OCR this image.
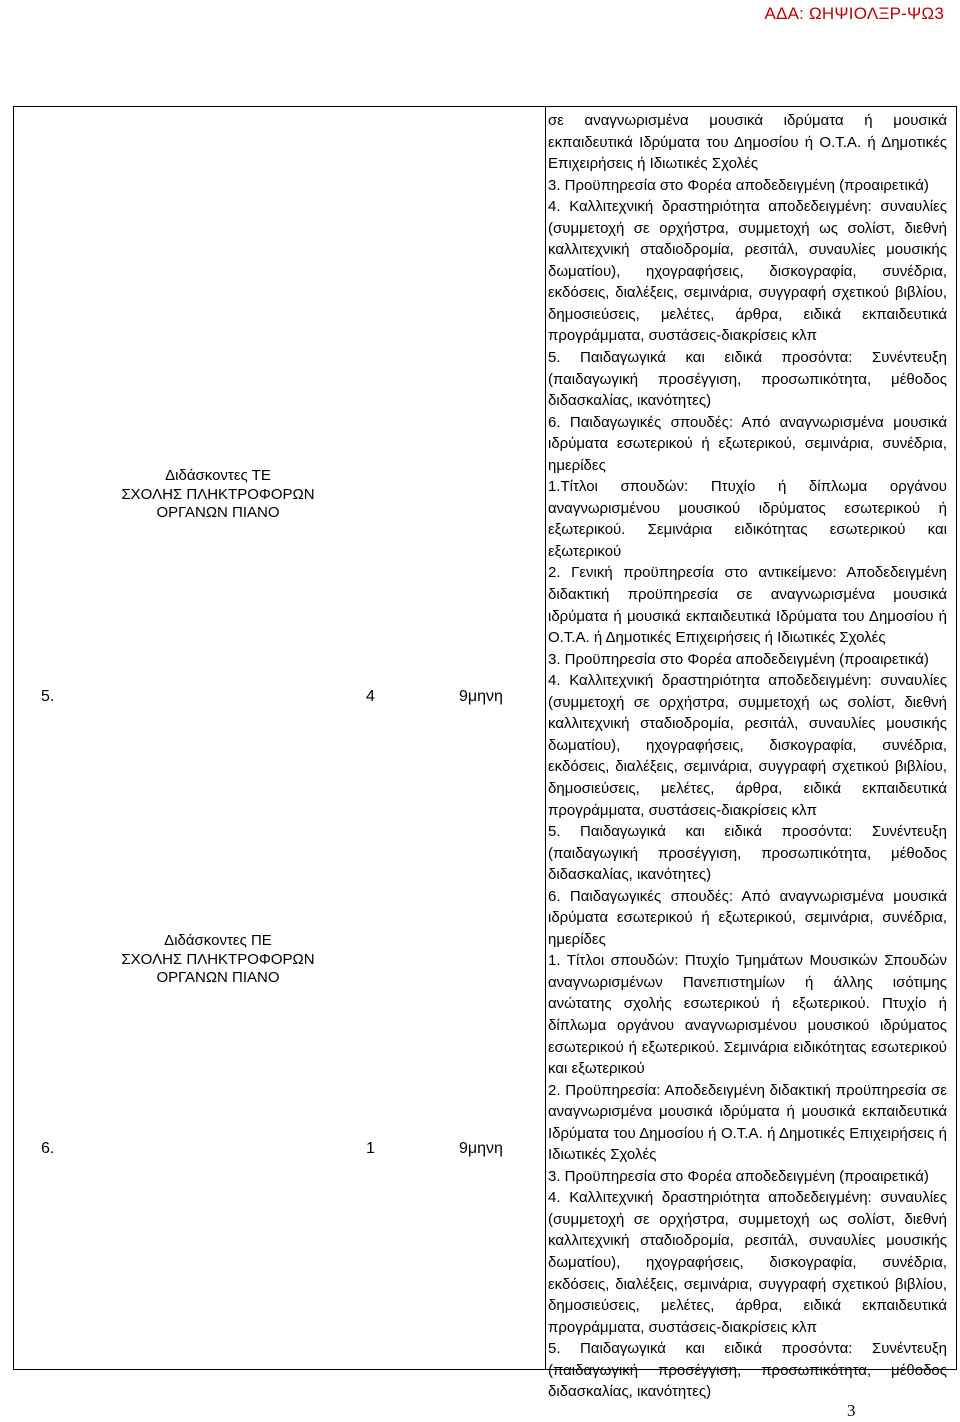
ΑΔΑ: ΩΗΨΙΟΛΞΡ-ΨΩ3
Διδάσκοντες ΤΕ
ΣΧΟΛΗΣ ΠΛΗΚΤΡΟΦΟΡΩΝ
ΟΡΓΑΝΩΝ ΠΙΑΝΟ
5.	4	9μηνη
Διδάσκοντες ΠΕ
ΣΧΟΛΗΣ ΠΛΗΚΤΡΟΦΟΡΩΝ
ΟΡΓΑΝΩΝ ΠΙΑΝΟ
6.	1	9μηνη

σε αναγνωρισμένα μουσικά ιδρύματα ή μουσικά εκπαιδευτικά Ιδρύματα του Δημοσίου ή Ο.Τ.Α. ή Δημοτικές Επιχειρήσεις ή Ιδιωτικές Σχολές

3. Προϋπηρεσία στο Φορέα αποδεδειγμένη (προαιρετικά)

4. Καλλιτεχνική δραστηριότητα αποδεδειγμένη: συναυλίες (συμμετοχή σε ορχήστρα, συμμετοχή ως σολίστ, διεθνή καλλιτεχνική σταδιοδρομία, ρεσιτάλ, συναυλίες μουσικής δωματίου), ηχογραφήσεις, δισκογραφία, συνέδρια, εκδόσεις, διαλέξεις, σεμινάρια, συγγραφή σχετικού βιβλίου, δημοσιεύσεις, μελέτες, άρθρα, ειδικά εκπαιδευτικά προγράμματα, συστάσεις-διακρίσεις κλπ

5. Παιδαγωγικά και ειδικά προσόντα: Συνέντευξη (παιδαγωγική προσέγγιση, προσωπικότητα, μέθοδος διδασκαλίας, ικανότητες)

6. Παιδαγωγικές σπουδές: Από αναγνωρισμένα μουσικά ιδρύματα εσωτερικού ή εξωτερικού, σεμινάρια, συνέδρια, ημερίδες

1.Τίτλοι σπουδών: Πτυχίο ή δίπλωμα οργάνου αναγνωρισμένου μουσικού ιδρύματος εσωτερικού ή εξωτερικού. Σεμινάρια ειδικότητας εσωτερικού και εξωτερικού

2. Γενική προϋπηρεσία στο αντικείμενο: Αποδεδειγμένη διδακτική προϋπηρεσία σε αναγνωρισμένα μουσικά ιδρύματα ή μουσικά εκπαιδευτικά Ιδρύματα του Δημοσίου ή Ο.Τ.Α. ή Δημοτικές Επιχειρήσεις ή Ιδιωτικές Σχολές

3. Προϋπηρεσία στο Φορέα αποδεδειγμένη (προαιρετικά)

4. Καλλιτεχνική δραστηριότητα αποδεδειγμένη: συναυλίες (συμμετοχή σε ορχήστρα, συμμετοχή ως σολίστ, διεθνή καλλιτεχνική σταδιοδρομία, ρεσιτάλ, συναυλίες μουσικής δωματίου), ηχογραφήσεις, δισκογραφία, συνέδρια, εκδόσεις, διαλέξεις, σεμινάρια, συγγραφή σχετικού βιβλίου, δημοσιεύσεις, μελέτες, άρθρα, ειδικά εκπαιδευτικά προγράμματα, συστάσεις-διακρίσεις κλπ

5. Παιδαγωγικά και ειδικά προσόντα: Συνέντευξη (παιδαγωγική προσέγγιση, προσωπικότητα, μέθοδος διδασκαλίας, ικανότητες)

6. Παιδαγωγικές σπουδές: Από αναγνωρισμένα μουσικά ιδρύματα εσωτερικού ή εξωτερικού, σεμινάρια, συνέδρια, ημερίδες

1. Τίτλοι σπουδών: Πτυχίο Τμημάτων Μουσικών Σπουδών αναγνωρισμένων Πανεπιστημίων ή άλλης ισότιμης ανώτατης σχολής εσωτερικού ή εξωτερικού. Πτυχίο ή δίπλωμα οργάνου αναγνωρισμένου μουσικού ιδρύματος εσωτερικού ή εξωτερικού. Σεμινάρια ειδικότητας εσωτερικού και εξωτερικού

2. Προϋπηρεσία: Αποδεδειγμένη διδακτική προϋπηρεσία σε αναγνωρισμένα μουσικά ιδρύματα ή μουσικά εκπαιδευτικά Ιδρύματα του Δημοσίου ή Ο.Τ.Α. ή Δημοτικές Επιχειρήσεις ή Ιδιωτικές Σχολές

3. Προϋπηρεσία στο Φορέα αποδεδειγμένη (προαιρετικά)

4. Καλλιτεχνική δραστηριότητα αποδεδειγμένη: συναυλίες (συμμετοχή σε ορχήστρα, συμμετοχή ως σολίστ, διεθνή καλλιτεχνική σταδιοδρομία, ρεσιτάλ, συναυλίες μουσικής δωματίου), ηχογραφήσεις, δισκογραφία, συνέδρια, εκδόσεις, διαλέξεις, σεμινάρια, συγγραφή σχετικού βιβλίου, δημοσιεύσεις, μελέτες, άρθρα, ειδικά εκπαιδευτικά προγράμματα, συστάσεις-διακρίσεις κλπ

5. Παιδαγωγικά και ειδικά προσόντα: Συνέντευξη (παιδαγωγική προσέγγιση, προσωπικότητα, μέθοδος διδασκαλίας, ικανότητες)

3
